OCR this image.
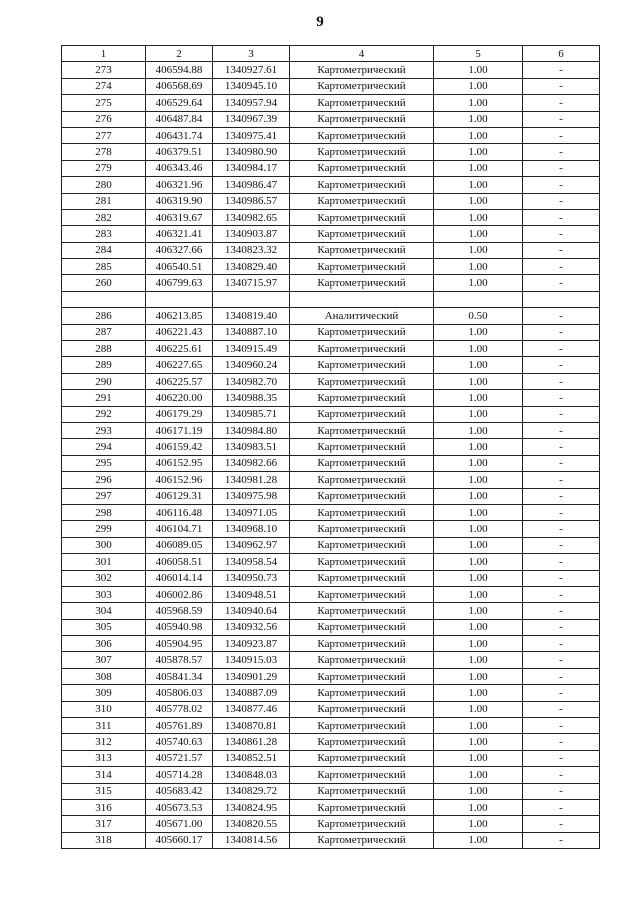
9
1	2	3	4	5	6
273	406594.88	1340927.61	Картометрический	1.00	-
274	406568.69	1340945.10	Картометрический	1.00	-
275	406529.64	1340957.94	Картометрический	1.00	-
276	406487.84	1340967.39	Картометрический	1.00	-
277	406431.74	1340975.41	Картометрический	1.00	-
278	406379.51	1340980.90	Картометрический	1.00	-
279	406343.46	1340984.17	Картометрический	1.00	-
280	406321.96	1340986.47	Картометрический	1.00	-
281	406319.90	1340986.57	Картометрический	1.00	-
282	406319.67	1340982.65	Картометрический	1.00	-
283	406321.41	1340903.87	Картометрический	1.00	-
284	406327.66	1340823.32	Картометрический	1.00	-
285	406540.51	1340829.40	Картометрический	1.00	-
260	406799.63	1340715.97	Картометрический	1.00	-

286	406213.85	1340819.40	Аналитический	0.50	-
287	406221.43	1340887.10	Картометрический	1.00	-
288	406225.61	1340915.49	Картометрический	1.00	-
289	406227.65	1340960.24	Картометрический	1.00	-
290	406225.57	1340982.70	Картометрический	1.00	-
291	406220.00	1340988.35	Картометрический	1.00	-
292	406179.29	1340985.71	Картометрический	1.00	-
293	406171.19	1340984.80	Картометрический	1.00	-
294	406159.42	1340983.51	Картометрический	1.00	-
295	406152.95	1340982.66	Картометрический	1.00	-
296	406152.96	1340981.28	Картометрический	1.00	-
297	406129.31	1340975.98	Картометрический	1.00	-
298	406116.48	1340971.05	Картометрический	1.00	-
299	406104.71	1340968.10	Картометрический	1.00	-
300	406089.05	1340962.97	Картометрический	1.00	-
301	406058.51	1340958.54	Картометрический	1.00	-
302	406014.14	1340950.73	Картометрический	1.00	-
303	406002.86	1340948.51	Картометрический	1.00	-
304	405968.59	1340940.64	Картометрический	1.00	-
305	405940.98	1340932.56	Картометрический	1.00	-
306	405904.95	1340923.87	Картометрический	1.00	-
307	405878.57	1340915.03	Картометрический	1.00	-
308	405841.34	1340901.29	Картометрический	1.00	-
309	405806.03	1340887.09	Картометрический	1.00	-
310	405778.02	1340877.46	Картометрический	1.00	-
311	405761.89	1340870.81	Картометрический	1.00	-
312	405740.63	1340861.28	Картометрический	1.00	-
313	405721.57	1340852.51	Картометрический	1.00	-
314	405714.28	1340848.03	Картометрический	1.00	-
315	405683.42	1340829.72	Картометрический	1.00	-
316	405673.53	1340824.95	Картометрический	1.00	-
317	405671.00	1340820.55	Картометрический	1.00	-
318	405660.17	1340814.56	Картометрический	1.00	-
